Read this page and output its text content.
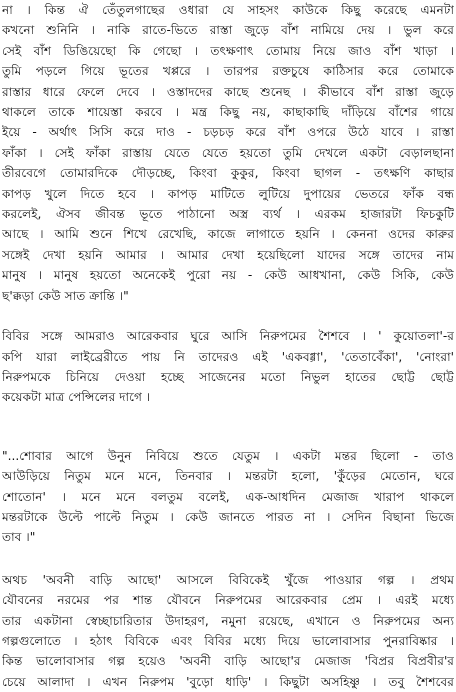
না । কিন্ত ঐ তেঁতুলগাছের ওধারা যে সাহসং কাউকে কিছু করেছে এমনটা

কখনো শুনিনি । নাকি রাতে-ভিতে রাস্তা জুড়ে বাঁশ নামিয়ে দেয় । ভুল করে

সেই বাঁশ ডিঙিয়েছো কি গেছো । তৎক্ষণাৎ তোমায় নিয়ে জাও বাঁশ খাড়া ।

তুমি পড়লে গিয়ে ভূতের খপ্পরে । তারপর রক্তচুষে কাঠিসার করে তোমাকে

রাস্তার ধারে ফেলে দেবে । ওস্তাদদের কাছে শুনেছ । কীভাবে বাঁশ রাস্তা জুড়ে

থাকলে তাকে শায়েস্তা করবে । মন্ত্র কিছু নয়, কাছাকাছি দাঁড়িয়ে বাঁশের গায়ে

ইয়ে - অর্থাৎ সিসি করে দাও - চড়চড় করে বাঁশ ওপরে উঠে যাবে । রাস্তা

ফাঁকা । সেই ফাঁকা রাস্তায় যেতে যেতে হয়তো তুমি দেখলে একটা বেড়ালছানা

তীরবেগে তোমারদিকে দৌড়চ্ছে, কিংবা কুকুর, কিংবা ছাগল - তৎক্ষণি কাছার

কাপড় খুলে দিতে হবে । কাপড় মাটিতে লুটিয়ে দুপায়ের ভেতরে ফাঁক বন্ধ

করলেই, ঐসব জীবন্ত ভূতে পাঠানো অস্ত্র ব্যর্থ । এরকম হাজারটা ফিচকুটি

আছে । আমি শুনে শিখে রেখেছি, কাজে লাগাতে হয়নি । কেননা ওদের কারুর

সঙ্গেই দেখা হয়নি আমার । আমার দেখা হয়েছিলো যাদের সঙ্গে তাদের নাম

মানুষ । মানুষ হয়তো অনেকেই পুরো নয় - কেউ আধখানা, কেউ সিকি, কেউ

ছ'ক্কড়া কেউ সাত ক্রান্তি ।"

বিবির সঙ্গে আমরাও আরেকবার ঘুরে আসি নিরুপমের শৈশবে । ' কুয়োতলা'-র

কপি যারা লাইব্রেরীতে পায় নি তাদেরও এই 'একবগ্গা', 'তেতাবেঁকা', 'নোংরা'

নিরুপমকে চিনিয়ে দেওয়া হচ্ছে সাজেনের মতো নিভুল হাতের ছোট্ট ছোট্ট

কয়েকটা মাত্র পেন্সিলের দাগে ।

"...শোবার আগে উনুন নিবিয়ে শুতে যেতুম । একটা মন্তর ছিলো - তাও

আউড়িয়ে নিতুম মনে মনে, তিনবার । মন্তরটা হলো, 'কুঁড়ের মেতোন, ঘরে

শোতোন' । মনে মনে বলতুম বলেই, এক-আধদিন মেজাজ খারাপ থাকলে

মন্তরটাকে উল্টে পাল্টে নিতুম । কেউ জানতে পারত না । সেদিন বিছানা ভিজে

তাব ।"

অথচ 'অবনী বাড়ি আছো' আসলে বিবিকেই খুঁজে পাওয়ার গল্প । প্রথম

যৌবনের নরমের পর শান্ত যৌবনে নিরুপমের আরেকবার প্রেম । এরই মধ্যে

তার একটানা স্বেচ্ছাচারিতার উদাহরণ, নমুনা রয়েছে, এখানে ও নিরুপমের অন্য

গল্পগুলোতে । হঠাৎ বিবিকে এবং বিবির মধ্যে দিয়ে ভালোবাসার পুনরাবিষ্কার ।

কিন্ত ভালোবাসার গল্প হয়েও 'অবনী বাড়ি আছো'র মেজাজ 'বিপ্রর বিপ্রবীর'র

চেয়ে আলাদা । এখন নিরুপম 'বুড়ো ধাড়ি' । কিছুটা অসহিষ্ণু । তবু শৈশবের
